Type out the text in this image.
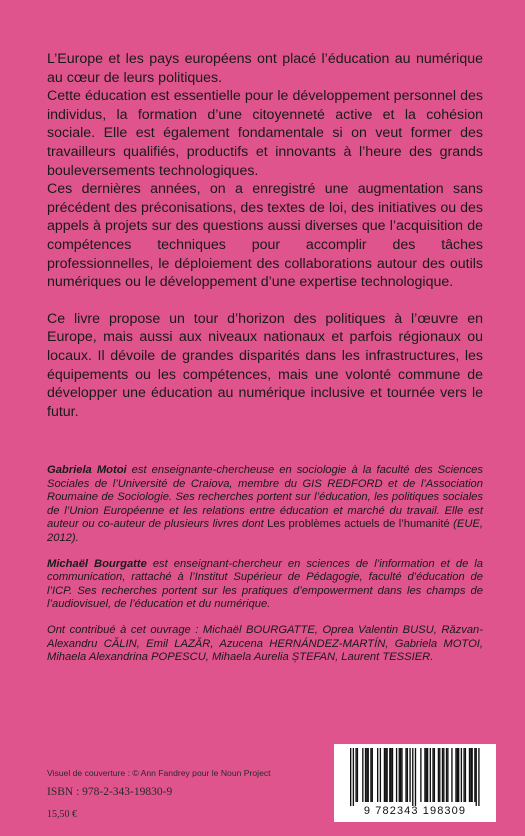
L’Europe et les pays européens ont placé l’éducation au numérique au cœur de leurs politiques.

Cette éducation est essentielle pour le développement personnel des individus, la formation d’une citoyenneté active et la cohésion sociale. Elle est également fondamentale si on veut former des travailleurs qualifiés, productifs et innovants à l’heure des grands bouleversements technologiques.

Ces dernières années, on a enregistré une augmentation sans précédent des préconisations, des textes de loi, des initiatives ou des appels à projets sur des questions aussi diverses que l’acquisition de compétences techniques pour accomplir des tâches professionnelles, le déploiement des collaborations autour des outils numériques ou le développement d’une expertise technologique.

Ce livre propose un tour d’horizon des politiques à l’œuvre en Europe, mais aussi aux niveaux nationaux et parfois régionaux ou locaux. Il dévoile de grandes disparités dans les infrastructures, les équipements ou les compétences, mais une volonté commune de développer une éducation au numérique inclusive et tournée vers le futur.

Gabriela Motoi est enseignante-chercheuse en sociologie à la faculté des Sciences Sociales de l’Université de Craiova, membre du GIS REDFORD et de l’Association Roumaine de Sociologie. Ses recherches portent sur l’éducation, les politiques sociales de l’Union Européenne et les relations entre éducation et marché du travail. Elle est auteur ou co-auteur de plusieurs livres dont Les problèmes actuels de l’humanité (EUE, 2012).

Michaël Bourgatte est enseignant-chercheur en sciences de l’information et de la communication, rattaché à l’Institut Supérieur de Pédagogie, faculté d’éducation de l’ICP. Ses recherches portent sur les pratiques d’empowerment dans les champs de l’audiovisuel, de l’éducation et du numérique.

Ont contribué à cet ouvrage : Michaël BOURGATTE, Oprea Valentin BUSU, Răzvan-Alexandru CĂLIN, Emil LAZĂR, Azucena HERNÁNDEZ-MARTÍN, Gabriela MOTOI, Mihaela Alexandrina POPESCU, Mihaela Aurelia ȘTEFAN, Laurent TESSIER.

Visuel de couverture : © Ann Fandrey pour le Noun Project
ISBN : 978-2-343-19830-9
15,50 €	9 782343 198309
